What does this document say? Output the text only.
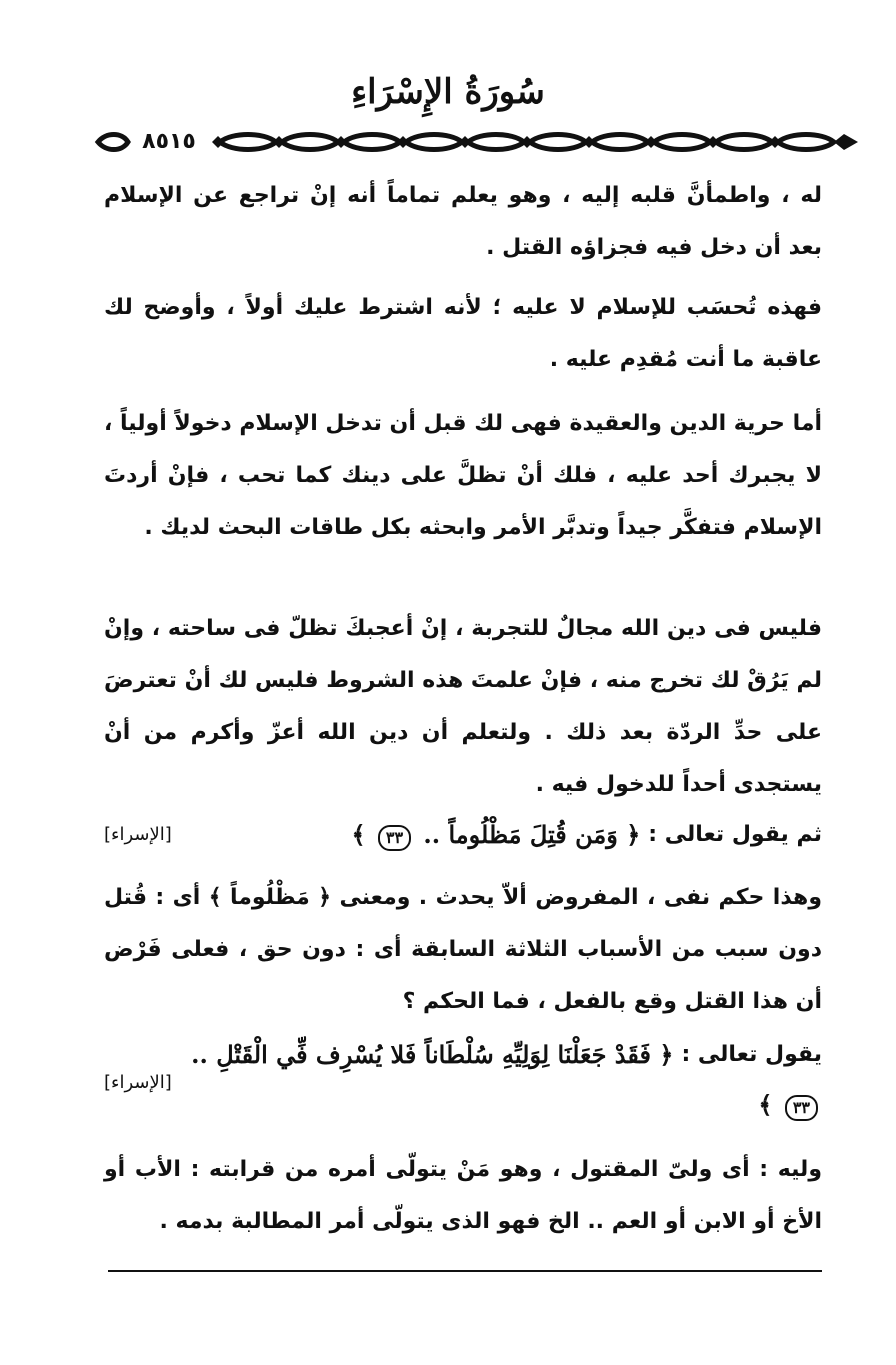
سُورَةُ الإِسْرَاءِ
٨٥١٥

له ، واطمأنَّ قلبه إليه ، وهو يعلم تماماً أنه إنْ تراجع عن الإسلام بعد أن دخل فيه فجزاؤه القتل .

فهذه تُحسَب للإسلام لا عليه ؛ لأنه اشترط عليك أولاً ، وأوضح لك عاقبة ما أنت مُقدِم عليه .

أما حرية الدين والعقيدة فهى لك قبل أن تدخل الإسلام دخولاً أولياً ، لا يجبرك أحد عليه ، فلك أنْ تظلَّ على دينك كما تحب ، فإنْ أردتَ الإسلام فتفكَّر جيداً وتدبَّر الأمر وابحثه بكل طاقات البحث لديك .

فليس فى دين الله مجالٌ للتجربة ، إنْ أعجبكَ تظلّ فى ساحته ، وإنْ لم يَرُقْ لك تخرج منه ، فإنْ علمتَ هذه الشروط فليس لك أنْ تعترضَ على حدِّ الردّة بعد ذلك . ولتعلم أن دين الله أعزّ وأكرم من أنْ يستجدى أحداً للدخول فيه .

ثم يقول تعالى :
﴿ وَمَن قُتِلَ مَظْلُوماً .. ٣٣ ﴾
[الإسراء]

وهذا حكم نفى ، المفروض ألاّ يحدث . ومعنى ﴿ مَظْلُوماً ﴾ أى : قُتل دون سبب من الأسباب الثلاثة السابقة أى : دون حق ، فعلى فَرْض أن هذا القتل وقع بالفعل ، فما الحكم ؟

يقول تعالى :
﴿ فَقَدْ جَعَلْنَا لِوَلِيِّهِ سُلْطَاناً فَلا يُسْرِف فِّي الْقَتْلِ ..
٣٣ ﴾
[الإسراء]

وليه : أى ولىّ المقتول ، وهو مَنْ يتولّى أمره من قرابته : الأب أو الأخ أو الابن أو العم .. الخ فهو الذى يتولّى أمر المطالبة بدمه .
